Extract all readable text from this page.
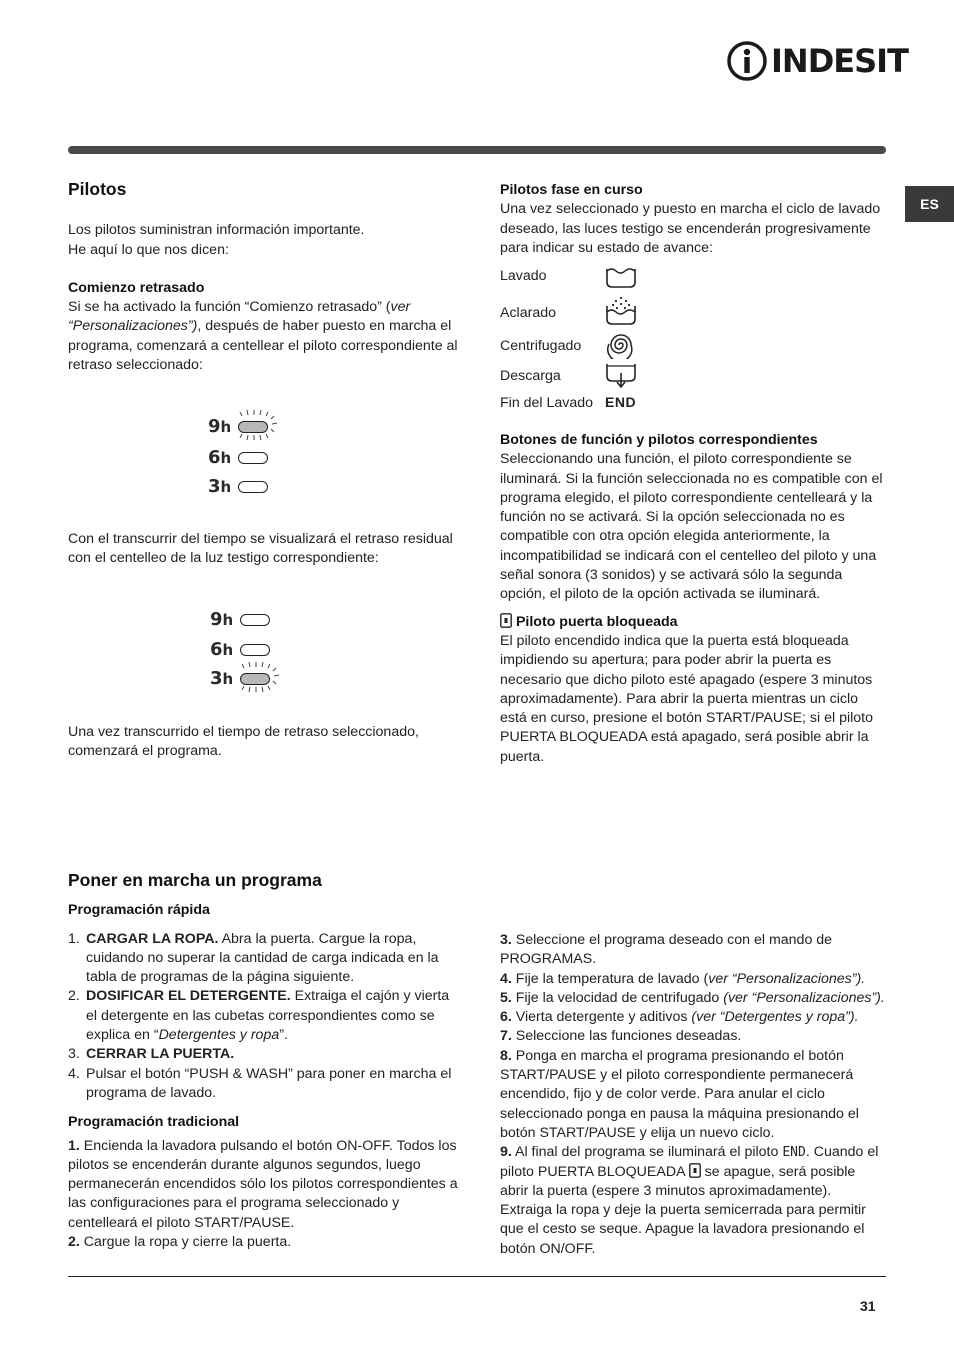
INDESIT
ES
Pilotos

Los pilotos suministran información importante.

He aquí lo que nos dicen:

Comienzo retrasado

Si se ha activado la función “Comienzo retrasado” (ver “Personalizaciones”), después de haber puesto en marcha el programa, comenzará a centellear el piloto correspondiente al retraso seleccionado:

9h
6h
3h

Con el transcurrir del tiempo se visualizará el retraso residual con el centelleo de la luz testigo correspondiente:

9h
6h
3h

Una vez transcurrido el tiempo de retraso seleccionado, comenzará el programa.

Pilotos fase en curso

Una vez seleccionado y puesto en marcha el ciclo de lavado deseado, las luces testigo se encenderán progresivamente para indicar su estado de avance:

Lavado
Aclarado
Centrifugado
Descarga
Fin del Lavado END

Botones de función y pilotos correspondientes

Seleccionando una función, el piloto correspondiente se iluminará. Si la función seleccionada no es compatible con el programa elegido, el piloto correspondiente centelleará y la función no se activará. Si la opción seleccionada no es compatible con otra opción elegida anteriormente, la incompatibilidad se indicará con el centelleo del piloto y una señal sonora (3 sonidos) y se activará sólo la segunda opción, el piloto de la opción activada se iluminará.

Piloto puerta bloqueada

El piloto encendido indica que la puerta está bloqueada impidiendo su apertura; para poder abrir la puerta es necesario que dicho piloto esté apagado (espere 3 minutos aproximadamente). Para abrir la puerta mientras un ciclo está en curso, presione el botón START/PAUSE; si el piloto PUERTA BLOQUEADA está apagado, será posible abrir la puerta.

Poner en marcha un programa

Programación rápida

1. CARGAR LA ROPA. Abra la puerta. Cargue la ropa, cuidando no superar la cantidad de carga indicada en la tabla de programas de la página siguiente.
2. DOSIFICAR EL DETERGENTE. Extraiga el cajón y vierta el detergente en las cubetas correspondientes como se explica en “Detergentes y ropa”.
3. CERRAR LA PUERTA.
4. Pulsar el botón “PUSH & WASH” para poner en marcha el programa de lavado.

Programación tradicional

1. Encienda la lavadora pulsando el botón ON-OFF. Todos los pilotos se encenderán durante algunos segundos, luego permanecerán encendidos sólo los pilotos correspondientes a las configuraciones para el programa seleccionado y centelleará el piloto START/PAUSE.

2. Cargue la ropa y cierre la puerta.

3. Seleccione el programa deseado con el mando de PROGRAMAS.

4. Fije la temperatura de lavado (ver “Personalizaciones”).

5. Fije la velocidad de centrifugado (ver “Personalizaciones”).

6. Vierta detergente y aditivos (ver “Detergentes y ropa”).

7. Seleccione las funciones deseadas.

8. Ponga en marcha el programa presionando el botón START/PAUSE y el piloto correspondiente permanecerá encendido, fijo y de color verde. Para anular el ciclo seleccionado ponga en pausa la máquina presionando el botón START/PAUSE y elija un nuevo ciclo.

9. Al final del programa se iluminará el piloto END. Cuando el piloto PUERTA BLOQUEADA  se apague, será posible abrir la puerta (espere 3 minutos aproximadamente). Extraiga la ropa y deje la puerta semicerrada para permitir que el cesto se seque. Apague la lavadora presionando el botón ON/OFF.

31
